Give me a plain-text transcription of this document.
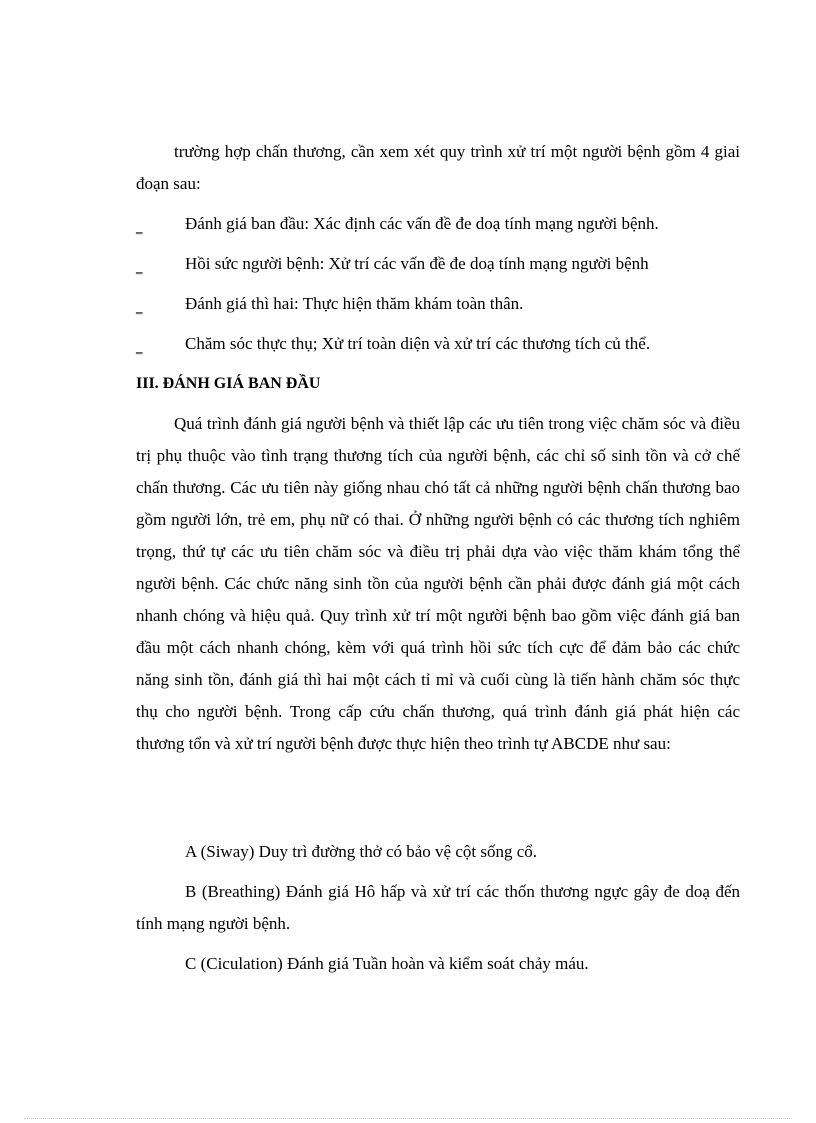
trường hợp chấn thương, cần xem xét quy trình xử trí một người bệnh gồm 4 giai đoạn sau:

‗	Đánh giá ban đầu: Xác định các vấn đề đe doạ tính mạng người bệnh.
‗	Hồi sức người bệnh: Xử trí các vấn đề đe doạ tính mạng người bệnh
‗	Đánh giá thì hai: Thực hiện thăm khám toàn thân.
‗	Chăm sóc thực thụ; Xử trí toàn diện và xử trí các thương tích củ thể.
III. ĐÁNH GIÁ BAN ĐẦU

Quá trình đánh giá người bệnh và thiết lập các ưu tiên trong việc chăm sóc và điều trị phụ thuộc vào tình trạng thương tích của người bệnh, các chỉ số sinh tồn và cở chế chấn thương. Các ưu tiên này giống nhau chó tất cả những người bệnh chấn thương bao gồm người lớn, trẻ em, phụ nữ có thai. Ở những người bệnh có các thương tích nghiêm trọng, thứ tự các ưu tiên chăm sóc và điều trị phải dựa vào việc thăm khám tổng thể người bệnh. Các chức năng sinh tồn của người bệnh cần phải được đánh giá một cách nhanh chóng và hiệu quả. Quy trình xử trí một người bệnh bao gồm việc đánh giá ban đầu một cách nhanh chóng, kèm với quá trình hồi sức tích cực để đảm bảo các chức năng sinh tồn, đánh giá thì hai một cách tỉ mỉ và cuối cùng là tiến hành chăm sóc thực thụ cho người bệnh. Trong cấp cứu chấn thương, quá trình đánh giá phát hiện các thương tổn và xử trí người bệnh được thực hiện theo trình tự ABCDE như sau:

A (Siway) Duy trì đường thở có bảo vệ cột sống cổ.

B (Breathing) Đánh giá Hô hấp và xử trí các thốn thương ngực gây đe doạ đến tính mạng người bệnh.

C (Ciculation) Đánh giá Tuần hoàn và kiểm soát chảy máu.
